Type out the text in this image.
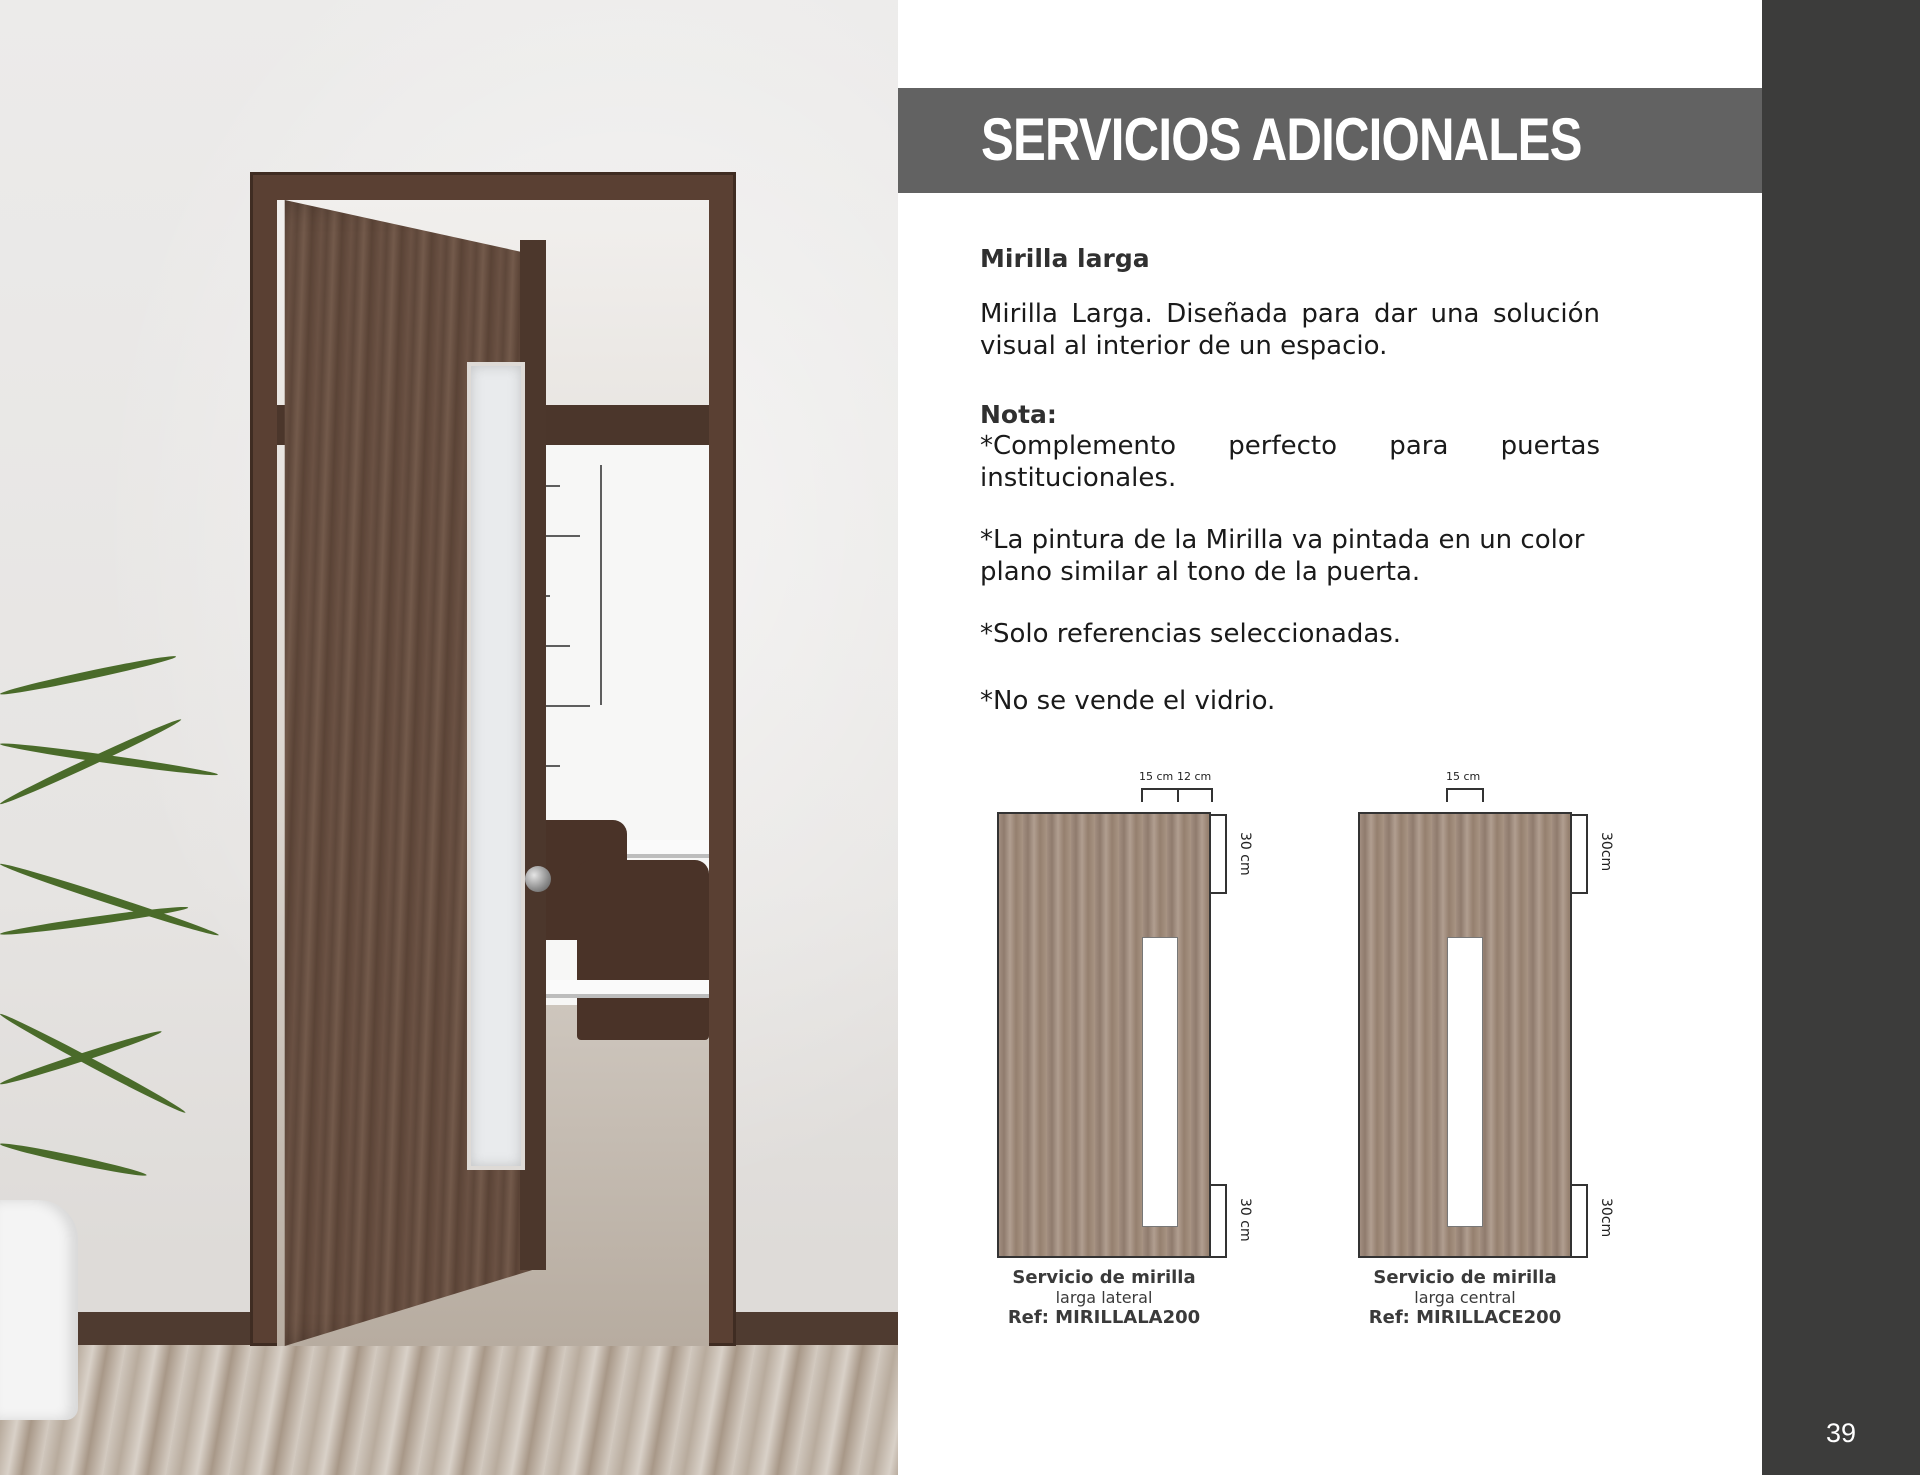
SERVICIOS ADICIONALES
Mirilla larga
Mirilla Larga. Diseñada para dar una solución visual al interior de un espacio.
Nota:
*Complemento perfecto para puertas institucionales.
*La pintura de la Mirilla va pintada en un color plano similar al tono de la puerta.
*Solo referencias seleccionadas.
*No se vende el vidrio.
15 cm 12 cm
30 cm
30 cm
Servicio de mirilla
larga lateral
Ref: MIRILLALA200
15 cm
30cm
30cm
Servicio de mirilla
larga central
Ref: MIRILLACE200
39
